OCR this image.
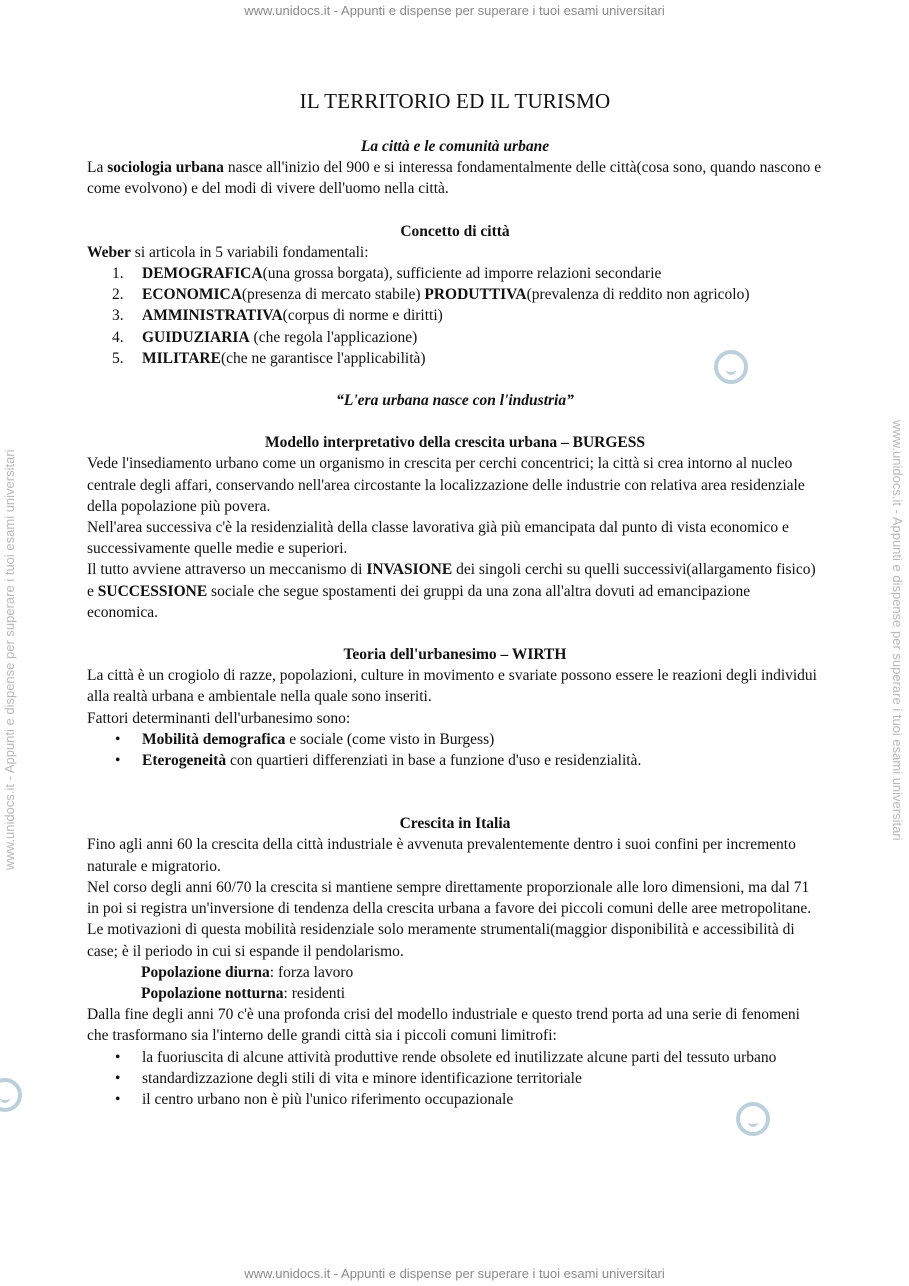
www.unidocs.it - Appunti e dispense per superare i tuoi esami universitari
www.unidocs.it - Appunti e dispense per superare i tuoi esami universitari
www.unidocs.it - Appunti e dispense per superare i tuoi esami universitari	www.unidocs.it - Appunti e dispense per superare i tuoi esami universitari
IL TERRITORIO ED IL TURISMO

La città e le comunità urbane

La sociologia urbana nasce all'inizio del 900 e si interessa fondamentalmente delle città(cosa sono, quando nascono e come evolvono) e del modi di vivere dell'uomo nella città.

Concetto di città

Weber si articola in 5 variabili fondamentali:

1.	DEMOGRAFICA(una grossa borgata), sufficiente ad imporre relazioni secondarie
2.	ECONOMICA(presenza di mercato stabile) PRODUTTIVA(prevalenza di reddito non agricolo)
3.	AMMINISTRATIVA(corpus di norme e diritti)
4.	GUIDUZIARIA (che regola l'applicazione)
5.	MILITARE(che ne garantisce l'applicabilità)

“L'era urbana nasce con l'industria”

Modello interpretativo della crescita urbana – BURGESS

Vede l'insediamento urbano come un organismo in crescita per cerchi concentrici; la città si crea intorno al nucleo centrale degli affari, conservando nell'area circostante la localizzazione delle industrie con relativa area residenziale della popolazione più povera.

Nell'area successiva c'è la residenzialità della classe lavorativa già più emancipata dal punto di vista economico e successivamente quelle medie e superiori.

Il tutto avviene attraverso un meccanismo di INVASIONE dei singoli cerchi su quelli successivi(allargamento fisico) e SUCCESSIONE sociale che segue spostamenti dei gruppi da una zona all'altra dovuti ad emancipazione economica.

Teoria dell'urbanesimo – WIRTH

La città è un crogiolo di razze, popolazioni, culture in movimento e svariate possono essere le reazioni degli individui alla realtà urbana e ambientale nella quale sono inseriti.

Fattori determinanti dell'urbanesimo sono:

• Mobilità demografica e sociale (come visto in Burgess)
• Eterogeneità con quartieri differenziati in base a funzione d'uso e residenzialità.

Crescita in Italia

Fino agli anni 60 la crescita della città industriale è avvenuta prevalentemente dentro i suoi confini per incremento naturale e migratorio.

Nel corso degli anni 60/70 la crescita si mantiene sempre direttamente proporzionale alle loro dimensioni, ma dal 71 in poi si registra un'inversione di tendenza della crescita urbana a favore dei piccoli comuni delle aree metropolitane.

Le motivazioni di questa mobilità residenziale solo meramente strumentali(maggior disponibilità e accessibilità di case; è il periodo in cui si espande il pendolarismo.

Popolazione diurna: forza lavoro

Popolazione notturna: residenti

Dalla fine degli anni 70 c'è una profonda crisi del modello industriale e questo trend porta ad una serie di fenomeni che trasformano sia l'interno delle grandi città sia i piccoli comuni limitrofi:

• la fuoriuscita di alcune attività produttive rende obsolete ed inutilizzate alcune parti del tessuto urbano
• standardizzazione degli stili di vita e minore identificazione territoriale
• il centro urbano non è più l'unico riferimento occupazionale
